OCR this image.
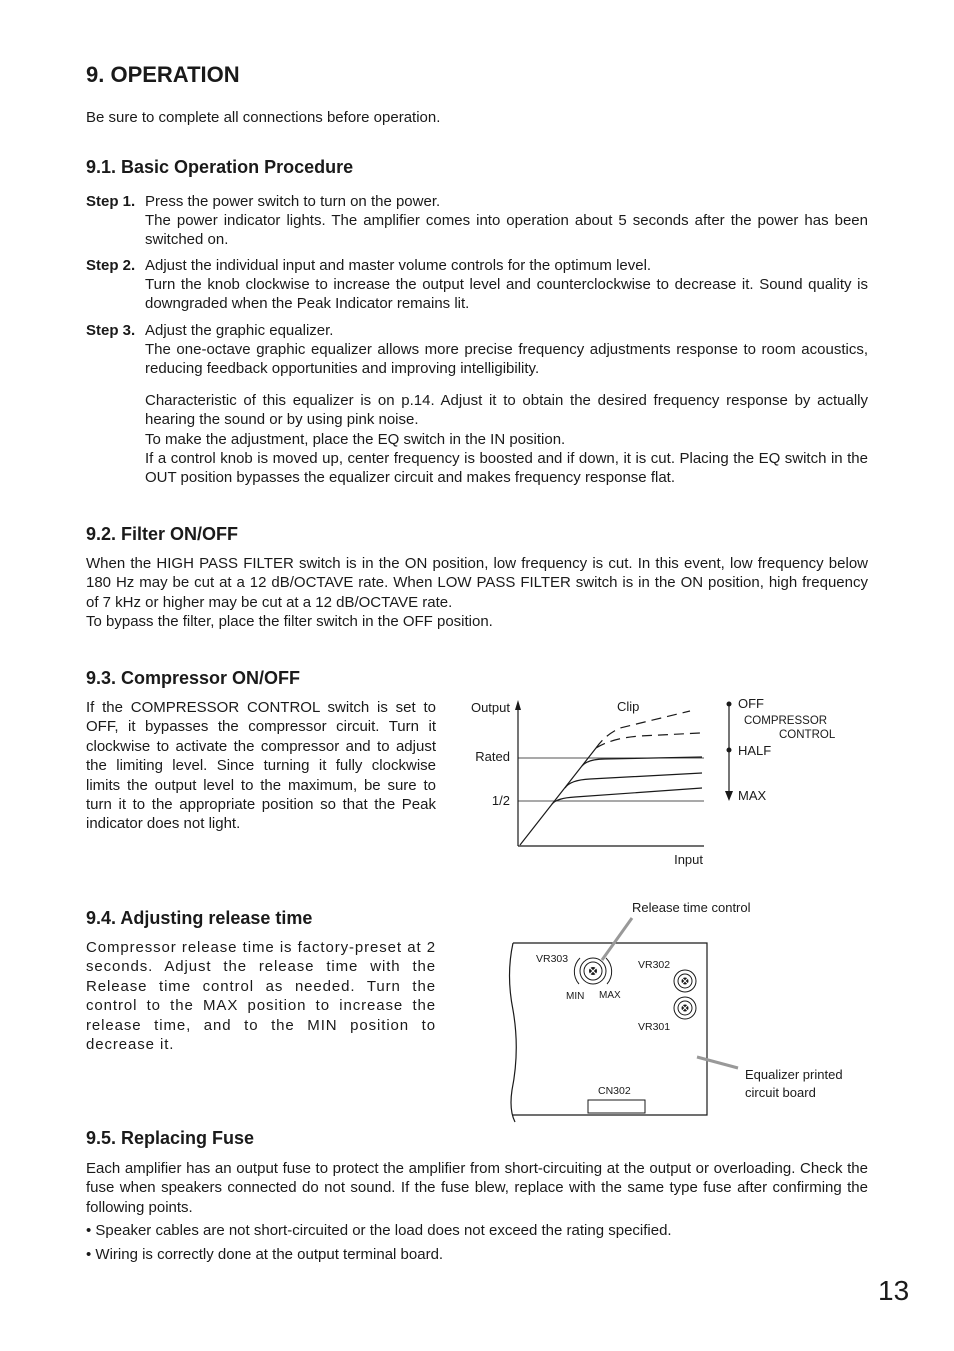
9. OPERATION

Be sure to complete all connections before operation.

9.1. Basic Operation Procedure

Step 1. Press the power switch to turn on the power.

The power indicator lights. The amplifier comes into operation about 5 seconds after the power has been switched on.

Step 2. Adjust the individual input and master volume controls for the optimum level.

Turn the knob clockwise to increase the output level and counterclockwise to decrease it. Sound quality is downgraded when the Peak Indicator remains lit.

Step 3. Adjust the graphic equalizer.

The one-octave graphic equalizer allows more precise frequency adjustments response to room acoustics, reducing feedback opportunities and improving intelligibility.

Characteristic of this equalizer is on p.14. Adjust it to obtain the desired frequency response by actually hearing the sound or by using pink noise.

To make the adjustment, place the EQ switch in the IN position.

If a control knob is moved up, center frequency is boosted and if down, it is cut. Placing the EQ switch in the OUT position bypasses the equalizer circuit and makes frequency response flat.

9.2. Filter ON/OFF

When the HIGH PASS FILTER switch is in the ON position, low frequency is cut. In this event, low frequency below 180 Hz may be cut at a 12 dB/OCTAVE rate. When LOW PASS FILTER switch is in the ON position, high frequency of 7 kHz or higher may be cut at a 12 dB/OCTAVE rate.

To bypass the filter, place the filter switch in the OFF position.

9.3. Compressor ON/OFF

If the COMPRESSOR CONTROL switch is set to OFF, it bypasses the compressor circuit. Turn it clockwise to activate the compressor and to adjust the limiting level. Since turning it fully clockwise limits the output level to the maximum, be sure to turn it to the appropriate position so that the Peak indicator does not light.

Output
Rated
1/2
Input
Clip	OFF
COMPRESSOR
CONTROL
HALF
MAX
9.4. Adjusting release time

Compressor release time is factory-preset at 2 seconds. Adjust the release time with the Release time control as needed. Turn the control to the MAX position to increase the release time, and to the MIN position to decrease it.

Release time control
VR303	VR302
VR301
MIN MAX
CN302
Equalizer printed
circuit board
9.5. Replacing Fuse

Each amplifier has an output fuse to protect the amplifier from short-circuiting at the output or overloading. Check the fuse when speakers connected do not sound. If the fuse blew, replace with the same type fuse after confirming the following points.

• Speaker cables are not short-circuited or the load does not exceed the rating specified.

• Wiring is correctly done at the output terminal board.

13
